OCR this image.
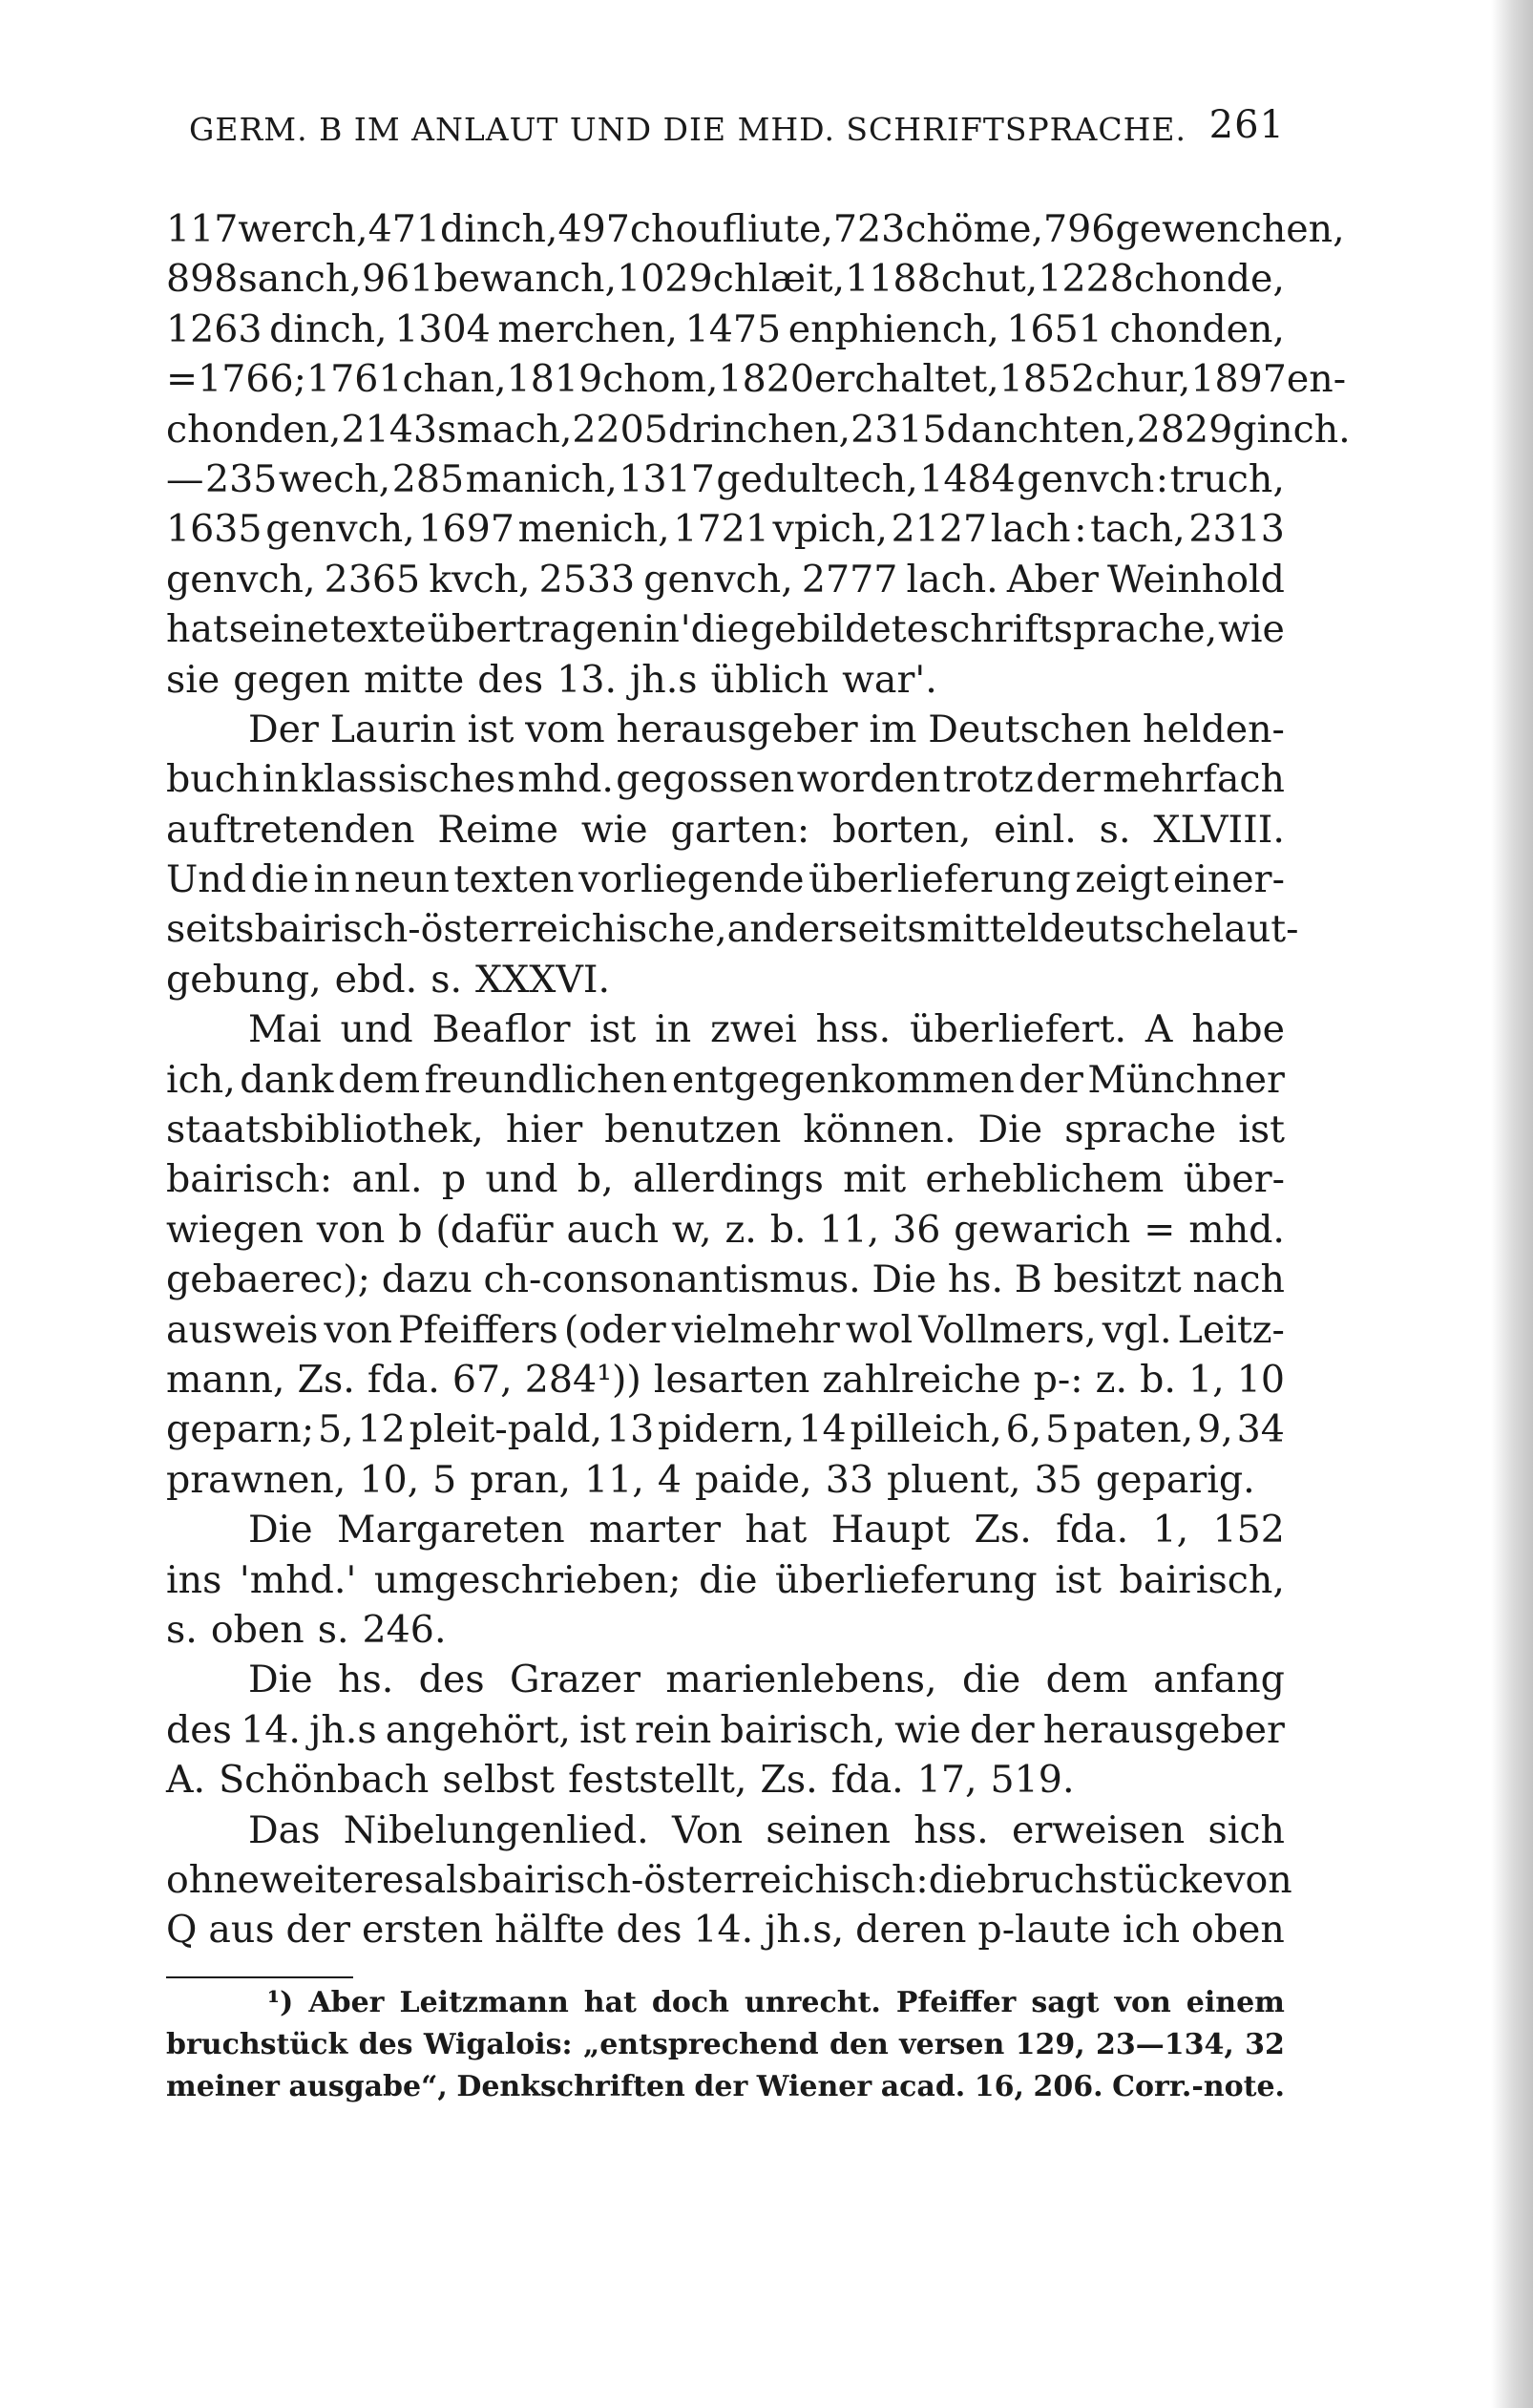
GERM. B IM ANLAUT UND DIE MHD. SCHRIFTSPRACHE. 261
117 werch, 471 dinch, 497 choufliute, 723 chöme, 796 gewenchen,
898 sanch, 961 bewanch, 1029 chlæit, 1188 chut, 1228 chonde,
1263 dinch, 1304 merchen, 1475 enphiench, 1651 chonden,
= 1766; 1761 chan, 1819 chom, 1820 erchaltet, 1852 chur, 1897 en-
chonden, 2143 smach, 2205 drinchen, 2315 danchten, 2829 ginch.
— 235 wech, 285 manich, 1317 gedultech, 1484 genvch : truch,
1635 genvch, 1697 menich, 1721 vpich, 2127 lach : tach, 2313
genvch, 2365 kvch, 2533 genvch, 2777 lach. Aber Weinhold
hat seine texte übertragen in 'die gebildete schriftsprache, wie
sie gegen mitte des 13. jh.s üblich war'.
Der Laurin ist vom herausgeber im Deutschen helden-
buch in klassisches mhd. gegossen worden trotz der mehrfach
auftretenden Reime wie garten: borten, einl. s. XLVIII.
Und die in neun texten vorliegende überlieferung zeigt einer-
seits bairisch-österreichische, anderseits mitteldeutsche laut-
gebung, ebd. s. XXXVI.
Mai und Beaflor ist in zwei hss. überliefert. A habe
ich, dank dem freundlichen entgegenkommen der Münchner
staatsbibliothek, hier benutzen können. Die sprache ist
bairisch: anl. p und b, allerdings mit erheblichem über-
wiegen von b (dafür auch w, z. b. 11, 36 gewarich = mhd.
gebaerec); dazu ch-consonantismus. Die hs. B besitzt nach
ausweis von Pfeiffers (oder vielmehr wol Vollmers, vgl. Leitz-
mann, Zs. fda. 67, 284¹)) lesarten zahlreiche p-: z. b. 1, 10
geparn; 5, 12 pleit-pald, 13 pidern, 14 pilleich, 6, 5 paten, 9, 34
prawnen, 10, 5 pran, 11, 4 paide, 33 pluent, 35 geparig.
Die Margareten marter hat Haupt Zs. fda. 1, 152
ins 'mhd.' umgeschrieben; die überlieferung ist bairisch,
s. oben s. 246.
Die hs. des Grazer marienlebens, die dem anfang
des 14. jh.s angehört, ist rein bairisch, wie der herausgeber
A. Schönbach selbst feststellt, Zs. fda. 17, 519.
Das Nibelungenlied. Von seinen hss. erweisen sich
ohne weiteres als bairisch-österreichisch: die bruchstücke von
Q aus der ersten hälfte des 14. jh.s, deren p-laute ich oben
¹) Aber Leitzmann hat doch unrecht. Pfeiffer sagt von einem
bruchstück des Wigalois: „entsprechend den versen 129, 23—134, 32
meiner ausgabe“, Denkschriften der Wiener acad. 16, 206. Corr.-note.
